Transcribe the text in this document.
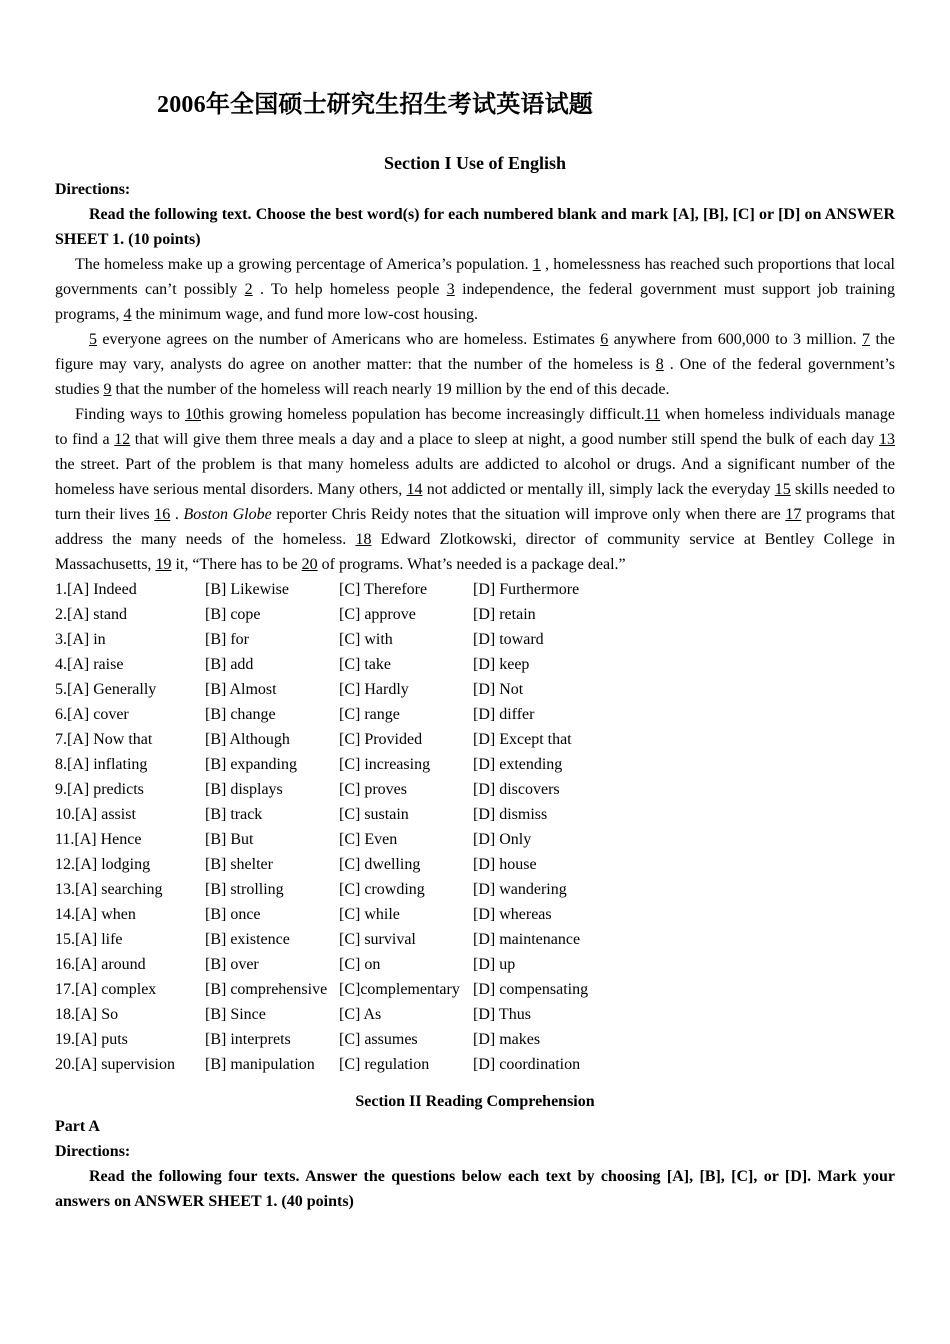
2006年全国硕士研究生招生考试英语试题
Section I Use of English

Directions:

Read the following text. Choose the best word(s) for each numbered blank and mark [A], [B], [C] or [D] on ANSWER SHEET 1. (10 points)

The homeless make up a growing percentage of America’s population. 1 , homelessness has reached such proportions that local governments can’t possibly 2 . To help homeless people 3 independence, the federal government must support job training programs, 4 the minimum wage, and fund more low-cost housing.

5 everyone agrees on the number of Americans who are homeless. Estimates 6 anywhere from 600,000 to 3 million. 7 the figure may vary, analysts do agree on another matter: that the number of the homeless is 8 . One of the federal government’s studies 9 that the number of the homeless will reach nearly 19 million by the end of this decade.

Finding ways to 10this growing homeless population has become increasingly difficult.11 when homeless individuals manage to find a 12 that will give them three meals a day and a place to sleep at night, a good number still spend the bulk of each day 13 the street. Part of the problem is that many homeless adults are addicted to alcohol or drugs. And a significant number of the homeless have serious mental disorders. Many others, 14 not addicted or mentally ill, simply lack the everyday 15 skills needed to turn their lives 16 . Boston Globe reporter Chris Reidy notes that the situation will improve only when there are 17 programs that address the many needs of the homeless. 18 Edward Zlotkowski, director of community service at Bentley College in Massachusetts, 19 it, “There has to be 20 of programs. What’s needed is a package deal.”

1.[A] Indeed	[B] Likewise	[C] Therefore	[D] Furthermore
2.[A] stand	[B] cope	[C] approve	[D] retain
3.[A] in	[B] for	[C] with	[D] toward
4.[A] raise	[B] add	[C] take	[D] keep
5.[A] Generally	[B] Almost	[C] Hardly	[D] Not
6.[A] cover	[B] change	[C] range	[D] differ
7.[A] Now that	[B] Although	[C] Provided	[D] Except that
8.[A] inflating	[B] expanding	[C] increasing	[D] extending
9.[A] predicts	[B] displays	[C] proves	[D] discovers
10.[A] assist	[B] track	[C] sustain	[D] dismiss
11.[A] Hence	[B] But	[C] Even	[D] Only
12.[A] lodging	[B] shelter	[C] dwelling	[D] house
13.[A] searching	[B] strolling	[C] crowding	[D] wandering
14.[A] when	[B] once	[C] while	[D] whereas
15.[A] life	[B] existence	[C] survival	[D] maintenance
16.[A] around	[B] over	[C] on	[D] up
17.[A] complex	[B] comprehensive [C]complementary [D] compensating
18.[A] So	[B] Since	[C] As	[D] Thus
19.[A] puts	[B] interprets	[C] assumes	[D] makes
20.[A] supervision	[B] manipulation	[C] regulation	[D] coordination

Section II Reading Comprehension

Part A

Directions:

Read the following four texts. Answer the questions below each text by choosing [A], [B], [C], or [D]. Mark your answers on ANSWER SHEET 1. (40 points)
